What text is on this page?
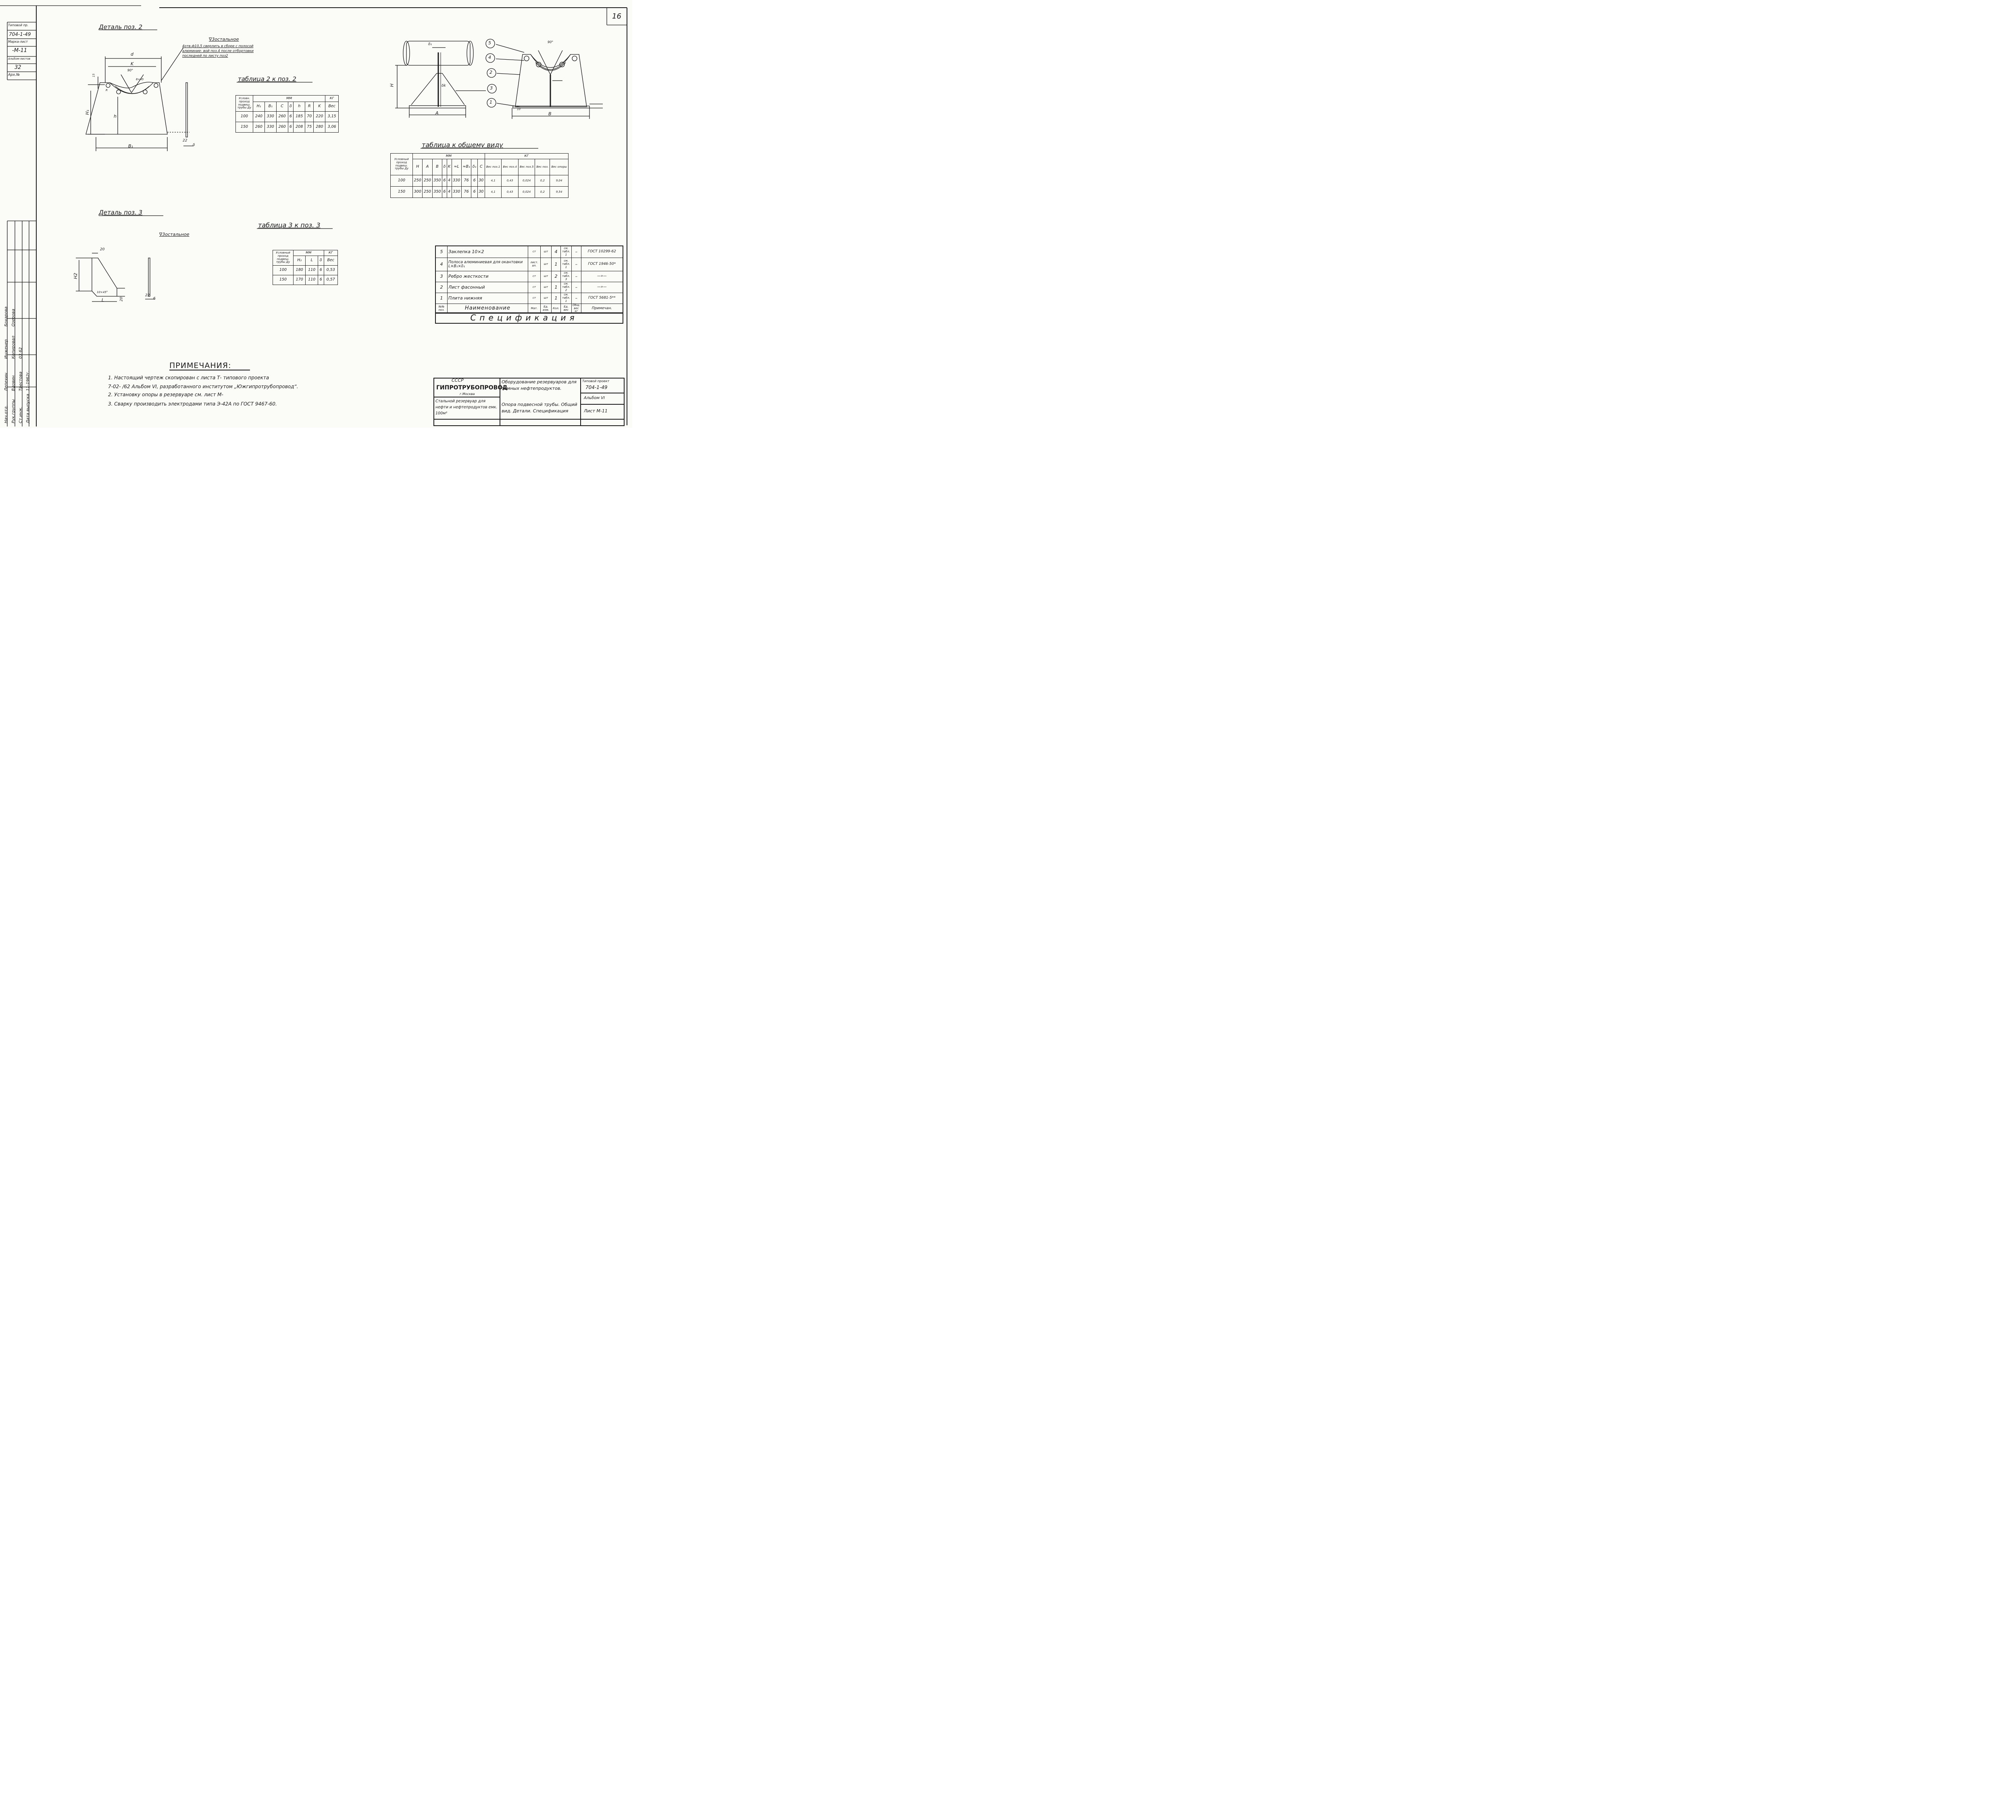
16
Типовой пр.
704-1-49
Марка-лист
-M-11
Альбом-листов
32
Арх.№
Нач.отд.
Лепехин
Инженер
Бохарова
Рук.группы
Вдовин
Копировал
Озерова
Ст.инж.
Трестова
03.62
Дата выпуска
11-1962г.
Деталь поз. 2
∇3остальное
4отв.ф10,5 сверлить в сборе с полосой алюминие- вой поз.4 после отбортовки последней по листу поз2
d
K
90°
H₁
h
B₁
R
15
8×45
22
δ
таблица 2 к поз. 2
Условн. проход подвеш. трубы Ду	мм							кг
	H₁	B₁	C	δ	h	R	K	Вес
100	240	330	260	6	185	70	220	3,15
150	260	330	260	6	208	75	280	3,06
5
4
2
3
1
H
A	B
δ₁
δk
90°
10
таблица к общему виду
Условный проход подвеш. трубы Ду	мм									кг				
	H	A	B	δ	K	≈L	≈B₁	δ₁	C	Вес поз.1	Вес поз.4	Вес поз.5	Вес поз.	Вес опоры
100	250	250	350	6	4	330	76	6	30	4,1	0,43	0,024	0,2	9,04
150	300	250	350	6	4	330	76	6	30	4,1	0,43	0,024	0,2	9,54
Деталь поз. 3
∇3остальное
20
H2
10×45°
L	20
22
6
таблица 3 к поз. 3
Условный проход подвеш. трубы Ду	мм			кг
	H₂	L	δ	Вес
100	180	110	6	0,53
150	170	110	6	0,57
5	Заклепка 10×2	ст	шт	4	см. табл. 1	–	ГОСТ 10299-62
4	Полоса алюминиевая для окантовки L×B₁×δ₁	лист. ал.	шт	1	см. табл. 1	–	ГОСТ 1946-50*
3	Ребро жесткости	ст	шт	2	см. табл. 3	–	—»—
2	Лист фасонный	ст	шт	1	см. табл. 2	–	—»—
1	Плита нижняя	ст	шт	1	см. табл. 1	–	ГОСТ 5681-5**
№№ поз.	Наименование	Мат.	Ед. изм.	Кол.	Ед. вес	Общ. вес кг	Примечан.
Спецификация
ПРИМЕЧАНИЯ:
1. Настоящий чертеж скопирован с листа Т- типового проекта
7-02- /62 Альбом VI, разработанного институтом „Южгипротрубопровод“.
2. Установку опоры в резервуаре см. лист М-
3. Сварку производить электродами типа Э-42А по ГОСТ 9467-60.
СССР
ГИПРОТРУБОПРОВОД
г.Москва
Стальной резервуар для нефти и нефтепродуктов емк. 100м³
Оборудование резервуаров для темных нефтепродуктов.
Опора подвесной трубы. Общий вид. Детали. Спецификация
Типовой проект
704-1-49
Альбом VI
Лист М-11
